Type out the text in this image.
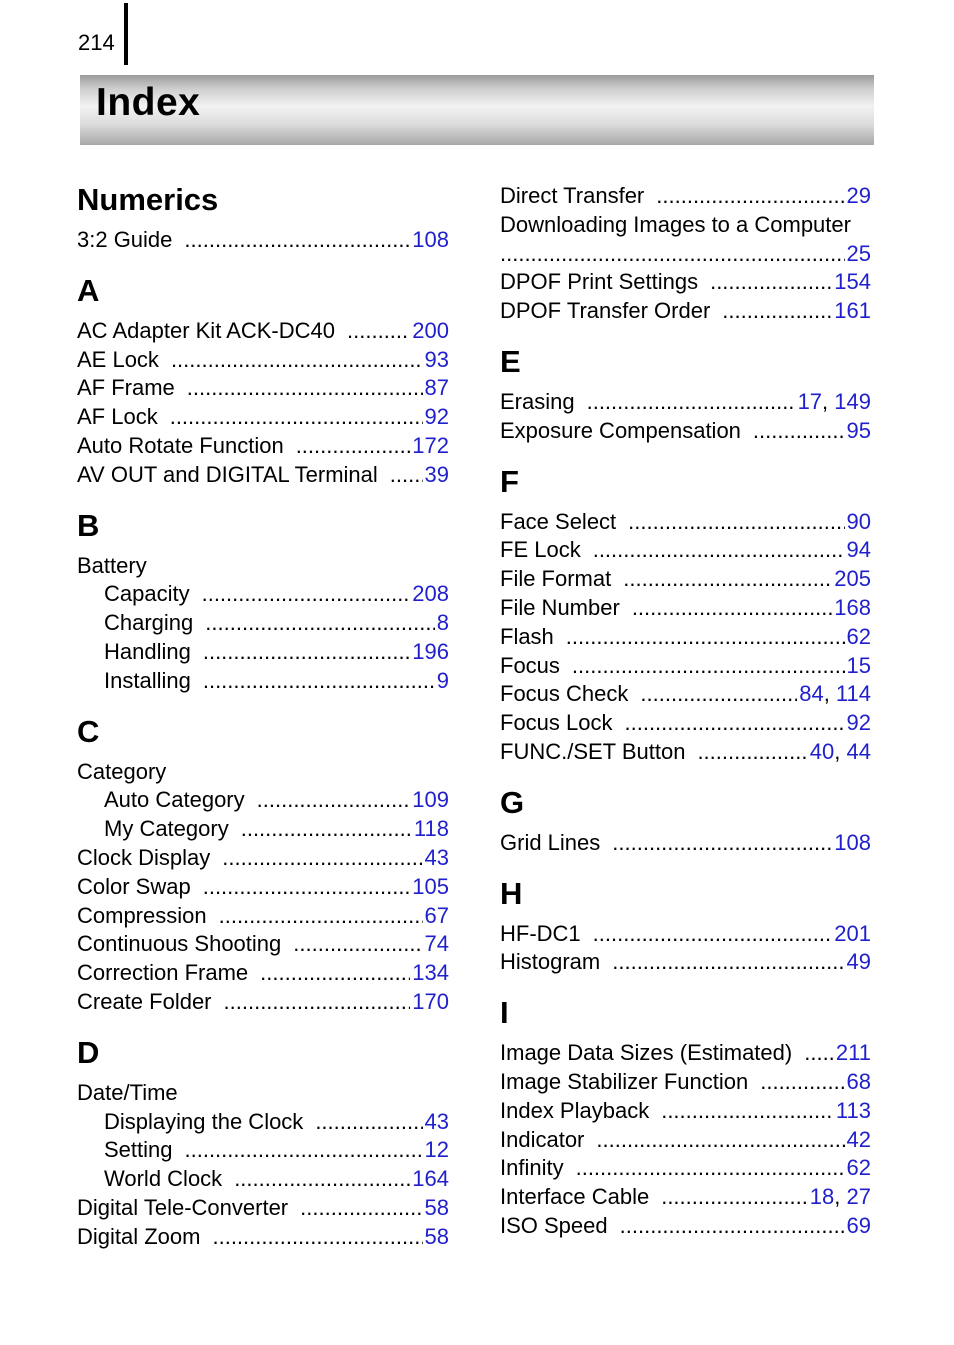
214
Index
Numerics
3:2 Guide .....	108
A
AC Adapter Kit ACK-DC40 .....	200
AE Lock .....	93
AF Frame .....	87
AF Lock .....	92
Auto Rotate Function .....	172
AV OUT and DIGITAL Terminal ..... 39
B
Battery
Capacity .....	208
Charging .....	8
Handling .....	196
Installing .....	9
C
Category
Auto Category .....	109
My Category .....	118
Clock Display .....	43
Color Swap .....	105
Compression .....	67
Continuous Shooting .....	74
Correction Frame .....	134
Create Folder .....	170
D
Date/Time
Displaying the Clock .....	43
Setting .....	12
World Clock .....	164
Digital Tele-Converter .....	58
Digital Zoom .....	58
Direct Transfer .....	29
Downloading Images to a Computer
.....
25
DPOF Print Settings .....	154
DPOF Transfer Order .....	161
E
Erasing .....	17, 149
Exposure Compensation .....	95
F
Face Select .....	90
FE Lock .....	94
File Format .....	205
File Number .....	168
Flash .....	62
Focus .....	15
Focus Check .....	84, 114
Focus Lock .....	92
FUNC./SET Button .....	40, 44
G
Grid Lines .....	108
H
HF-DC1 .....	201
Histogram .....	49
I
Image Data Sizes (Estimated) ..... 211
Image Stabilizer Function .....	68
Index Playback .....	113
Indicator .....	42
Infinity .....	62
Interface Cable .....	18, 27
ISO Speed .....	69
